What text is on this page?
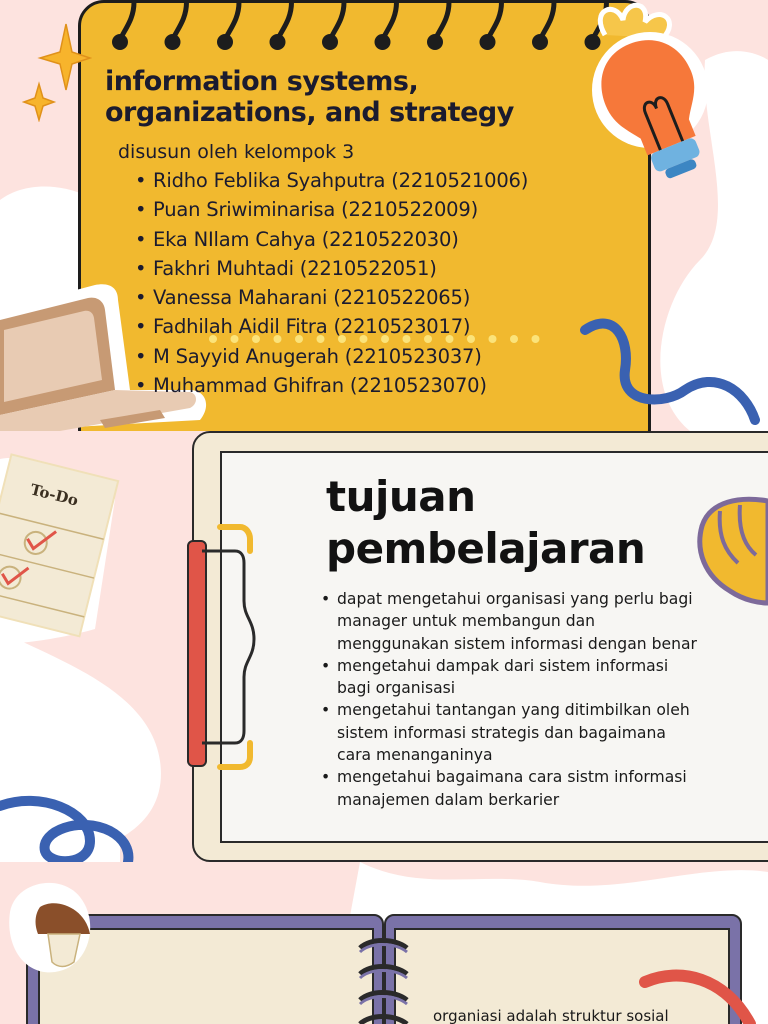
information systems,
organizations, and strategy
disusun oleh kelompok 3
• Ridho Feblika Syahputra (2210521006)
• Puan Sriwiminarisa (2210522009)
• Eka NIlam Cahya (2210522030)
• Fakhri Muhtadi (2210522051)
• Vanessa Maharani (2210522065)
• Fadhilah Aidil Fitra (2210523017)
• M Sayyid Anugerah (2210523037)
• Muhammad Ghifran (2210523070)
To-Do	tujuan
pembelajaran
• dapat mengetahui organisasi yang perlu bagi manager untuk membangun dan menggunakan sistem informasi dengan benar
• mengetahui dampak dari sistem informasi bagi organisasi
• mengetahui tantangan yang ditimbilkan oleh sistem informasi strategis dan bagaimana cara menanganinya
• mengetahui bagaimana cara sistm informasi manajemen dalam berkarier
organiasi adalah struktur sosial
